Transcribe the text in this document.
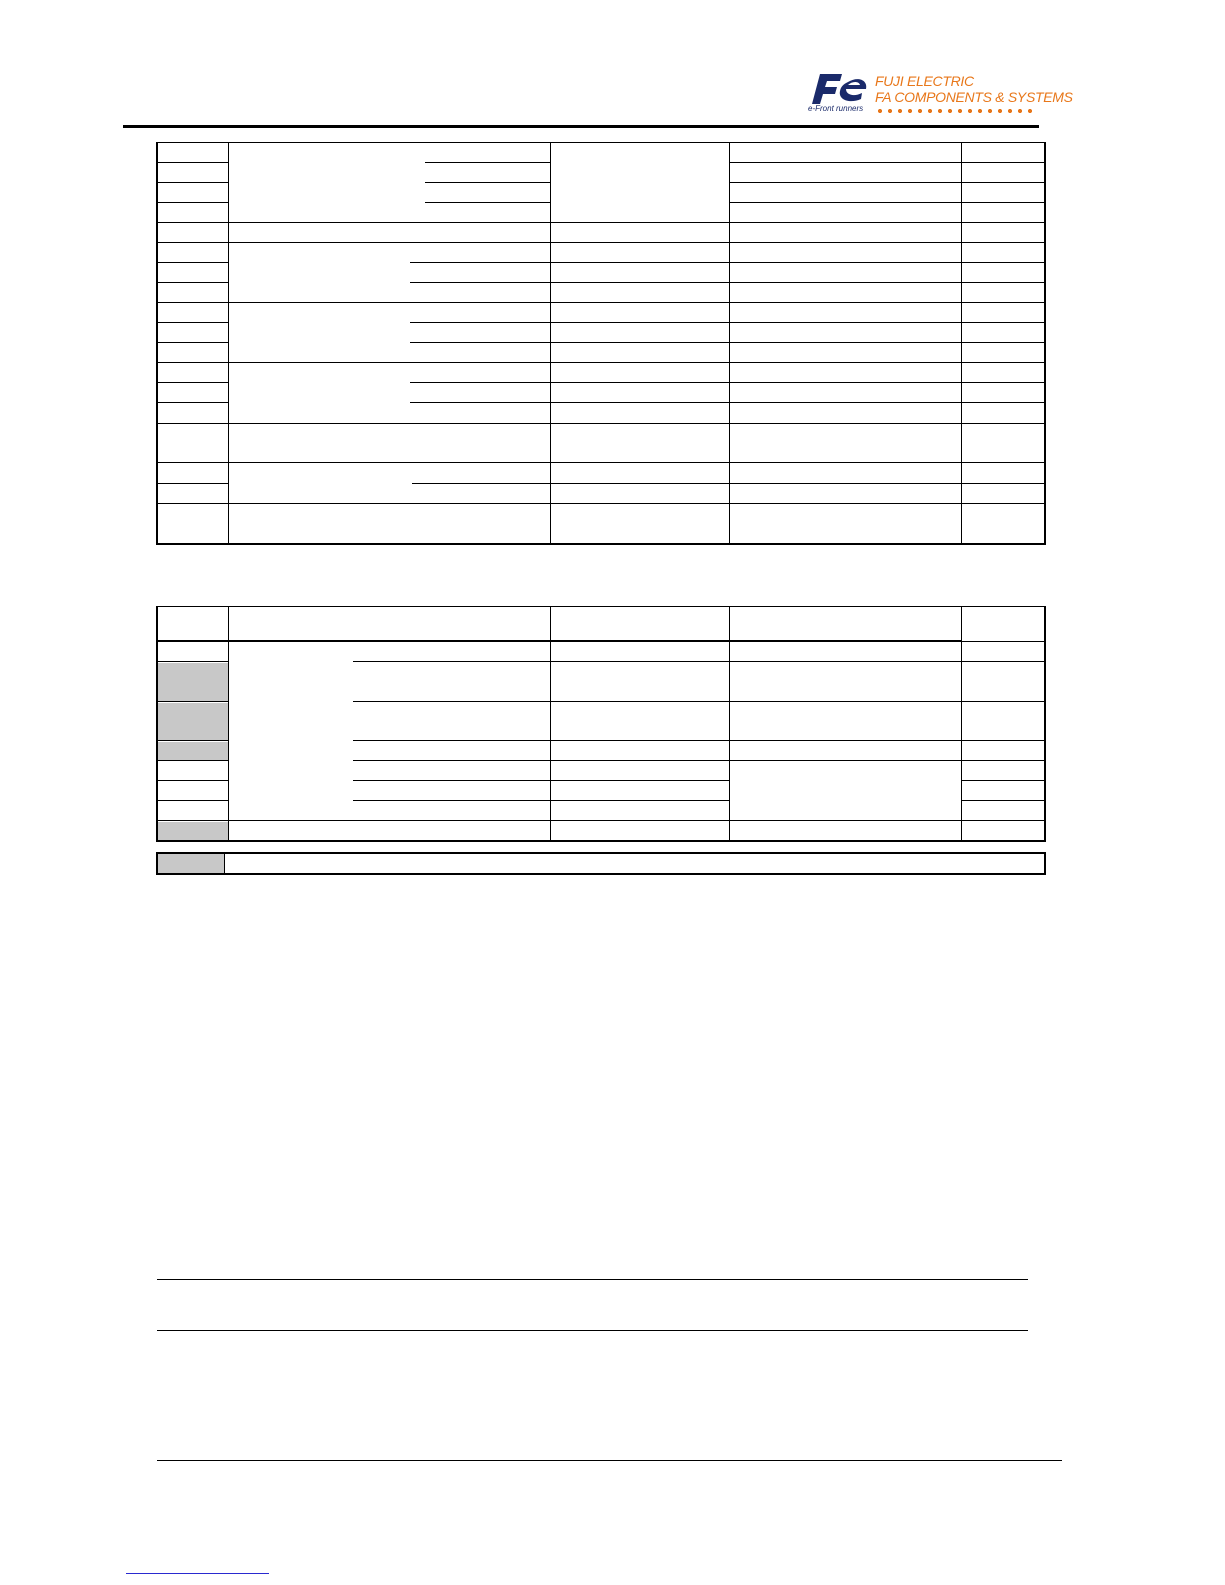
FUJI ELECTRIC
FA COMPONENTS & SYSTEMS
e-Front runners
